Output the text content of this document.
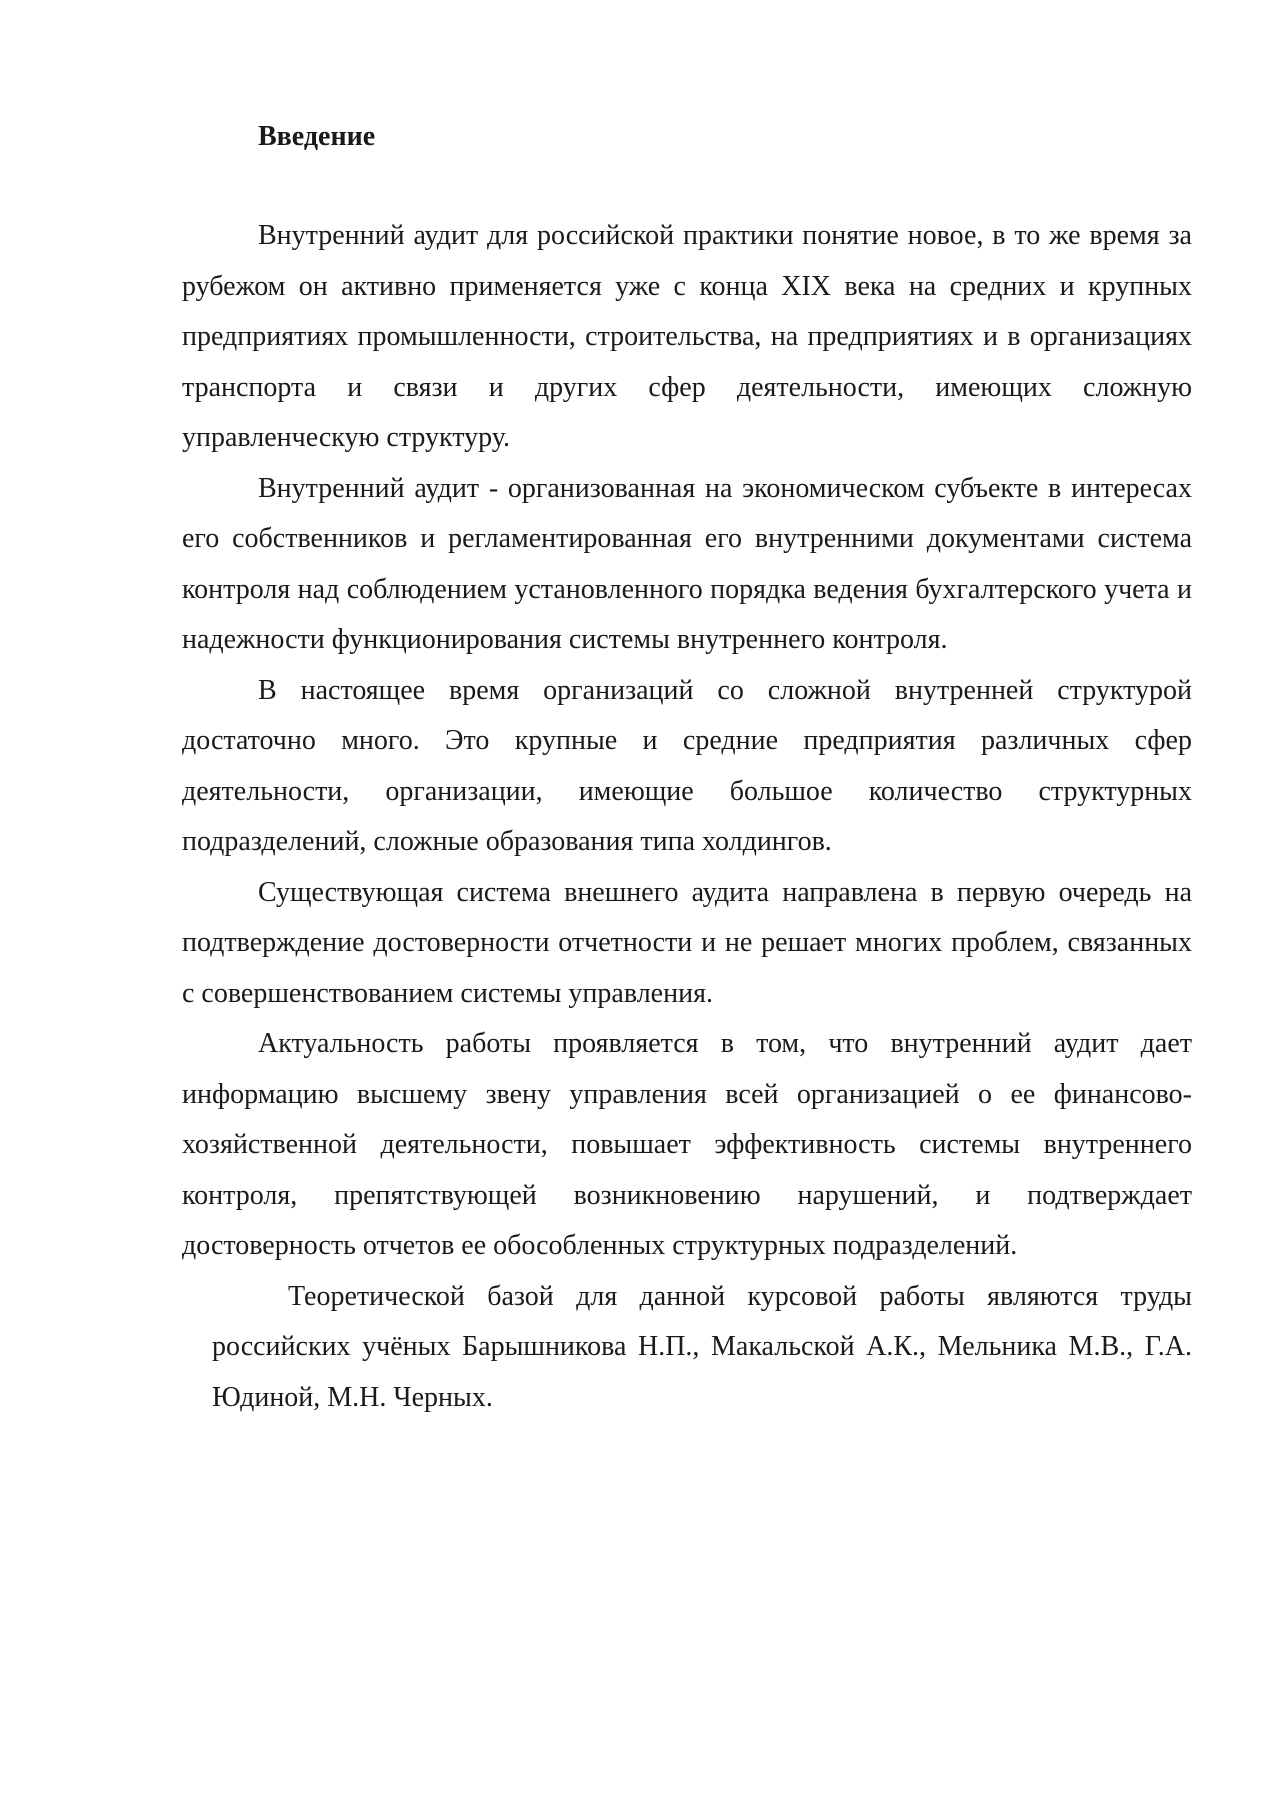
Введение

Внутренний аудит для российской практики понятие новое, в то же время за рубежом он активно применяется уже с конца XIX века на средних и крупных предприятиях промышленности, строительства, на предприятиях и в организациях транспорта и связи и других сфер деятельности, имеющих сложную управленческую структуру.

Внутренний аудит - организованная на экономическом субъекте в интересах его собственников и регламентированная его внутренними документами система контроля над соблюдением установленного порядка ведения бухгалтерского учета и надежности функционирования системы внутреннего контроля.

В настоящее время организаций со сложной внутренней структурой достаточно много. Это крупные и средние предприятия различных сфер деятельности, организации, имеющие большое количество структурных подразделений, сложные образования типа холдингов.

Существующая система внешнего аудита направлена в первую очередь на подтверждение достоверности отчетности и не решает многих проблем, связанных с совершенствованием системы управления.

Актуальность работы проявляется в том, что внутренний аудит дает информацию высшему звену управления всей организацией о ее финансово-хозяйственной деятельности, повышает эффективность системы внутреннего контроля, препятствующей возникновению нарушений, и подтверждает достоверность отчетов ее обособленных структурных подразделений.

Теоретической базой для данной курсовой работы являются труды российских учёных Барышникова Н.П., Макальской А.К., Мельника М.В., Г.А. Юдиной, М.Н. Черных.
